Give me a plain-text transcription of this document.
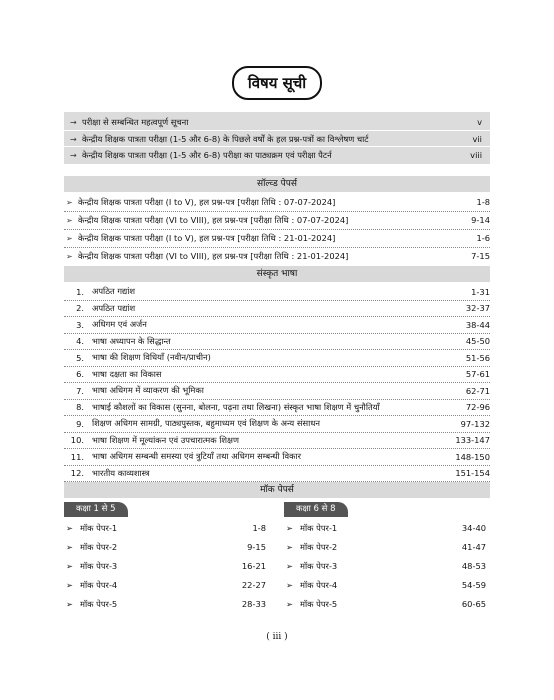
विषय सूची
→ परीक्षा से सम्बन्धित महत्वपूर्ण सूचना	v
→ केन्द्रीय शिक्षक पात्रता परीक्षा (1-5 और 6-8) के पिछले वर्षों के हल प्रश्न-पत्रों का विश्लेषण चार्ट	vii
→ केन्द्रीय शिक्षक पात्रता परीक्षा (1-5 और 6-8) परीक्षा का पाठ्यक्रम एवं परीक्षा पैटर्न	viii
सॉल्व्ड पेपर्स
➢ केन्द्रीय शिक्षक पात्रता परीक्षा (I to V), हल प्रश्न-पत्र [परीक्षा तिथि : 07-07-2024]	1-8
➢ केन्द्रीय शिक्षक पात्रता परीक्षा (VI to VIII), हल प्रश्न-पत्र [परीक्षा तिथि : 07-07-2024]	9-14
➢ केन्द्रीय शिक्षक पात्रता परीक्षा (I to V), हल प्रश्न-पत्र [परीक्षा तिथि : 21-01-2024]	1-6
➢ केन्द्रीय शिक्षक पात्रता परीक्षा (VI to VIII), हल प्रश्न-पत्र [परीक्षा तिथि : 21-01-2024]	7-15
संस्कृत भाषा
1. अपठित गद्यांश	1-31
2. अपठित पद्यांश	32-37
3. अधिगम एवं अर्जन	38-44
4. भाषा अध्यापन के सिद्धान्त	45-50
5. भाषा की शिक्षण विधियाँ (नवीन/प्राचीन)	51-56
6. भाषा दक्षता का विकास	57-61
7. भाषा अधिगम में व्याकरण की भूमिका	62-71
8. भाषाई कौशलों का विकास (सुनना, बोलना, पढ़ना तथा लिखना) संस्कृत भाषा शिक्षण में चुनौतियाँ	72-96
9. शिक्षण अधिगम सामग्री, पाठ्यपुस्तक, बहुमाध्यम एवं शिक्षण के अन्य संसाधन	97-132
10. भाषा शिक्षण में मूल्यांकन एवं उपचारात्मक शिक्षण	133-147
11. भाषा अधिगम सम्बन्धी समस्या एवं त्रुटियाँ तथा अधिगम सम्बन्धी विकार	148-150
12. भारतीय काव्यशास्त्र	151-154
मॉक पेपर्स
कक्षा 1 से 5	कक्षा 6 से 8
➢ मॉक पेपर-1	1-8
➢ मॉक पेपर-2	9-15
➢ मॉक पेपर-3	16-21
➢ मॉक पेपर-4	22-27
➢ मॉक पेपर-5	28-33
➢ मॉक पेपर-1	34-40
➢ मॉक पेपर-2	41-47
➢ मॉक पेपर-3	48-53
➢ मॉक पेपर-4	54-59
➢ मॉक पेपर-5	60-65
( iii )
